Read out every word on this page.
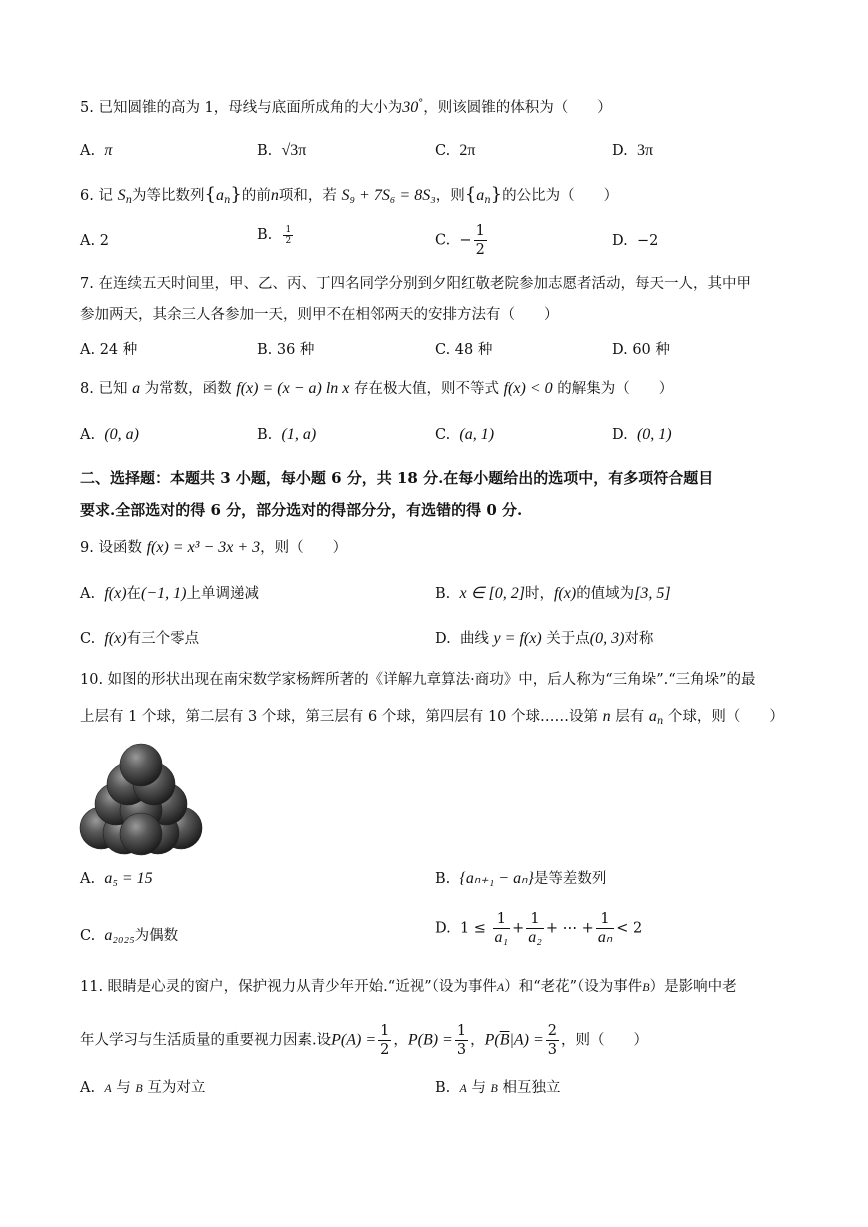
5. 已知圆锥的高为 1，母线与底面所成角的大小为30°，则该圆锥的体积为（　　）
A. π	B. √3π	C. 2π	D. 3π
6. 记 $S_n$为等比数列$\{a_n\}$的前n项和，若 S₉ + 7S₆ = 8S₃，则$\{a_n\}$的公比为（　　）
A. 2	B. $\frac{1}{2}$	C. − $\frac{1}{2}$	D. −2
7. 在连续五天时间里，甲、乙、丙、丁四名同学分别到夕阳红敬老院参加志愿者活动，每天一人，其中甲
参加两天，其余三人各参加一天，则甲不在相邻两天的安排方法有（　　）
A. 24 种	B. 36 种	C. 48 种	D. 60 种
8. 已知 a 为常数，函数 f(x) = (x − a) ln x 存在极大值，则不等式 f(x) < 0 的解集为（　　）
A. (0, a)	B. (1, a)	C. (a, 1)	D. (0, 1)
二、选择题：本题共 3 小题，每小题 6 分，共 18 分.在每小题给出的选项中，有多项符合题目
要求.全部选对的得 6 分，部分选对的得部分分，有选错的得 0 分.
9. 设函数 f(x) = x³ − 3x + 3，则（　　）
A. f(x)在(−1, 1)上单调递减	B. x ∈ [0, 2]时，f(x)的值域为[3, 5]
C. f(x)有三个零点	D. 曲线 y = f(x) 关于点(0, 3)对称
10. 如图的形状出现在南宋数学家杨辉所著的《详解九章算法·商功》中，后人称为“三角垛”.“三角垛”的最
上层有 1 个球，第二层有 3 个球，第三层有 6 个球，第四层有 10 个球……设第 n 层有 $a_n$ 个球，则（　　）
A. a₅ = 15	B. {aₙ₊₁ − aₙ}是等差数列
C. a₂₀₂₅为偶数	D. $1 \le \frac{1}{\text{a₁}} + \frac{1}{\text{a₂}}$ + ⋯ + $\frac{1}{\text{aₙ}} < 2$
11. 眼睛是心灵的窗户，保护视力从青少年开始.“近视”（设为事件A）和“老花”（设为事件B）是影响中老
年人学习与生活质量的重要视力因素.设$P(A) = \frac{1}{2}$ ，$P(B) = \frac{1}{3}$ ，$P(\overline{B}|A) = \frac{2}{3}$ ，则（　　）
A. A 与 B 互为对立	B. A 与 B 相互独立
